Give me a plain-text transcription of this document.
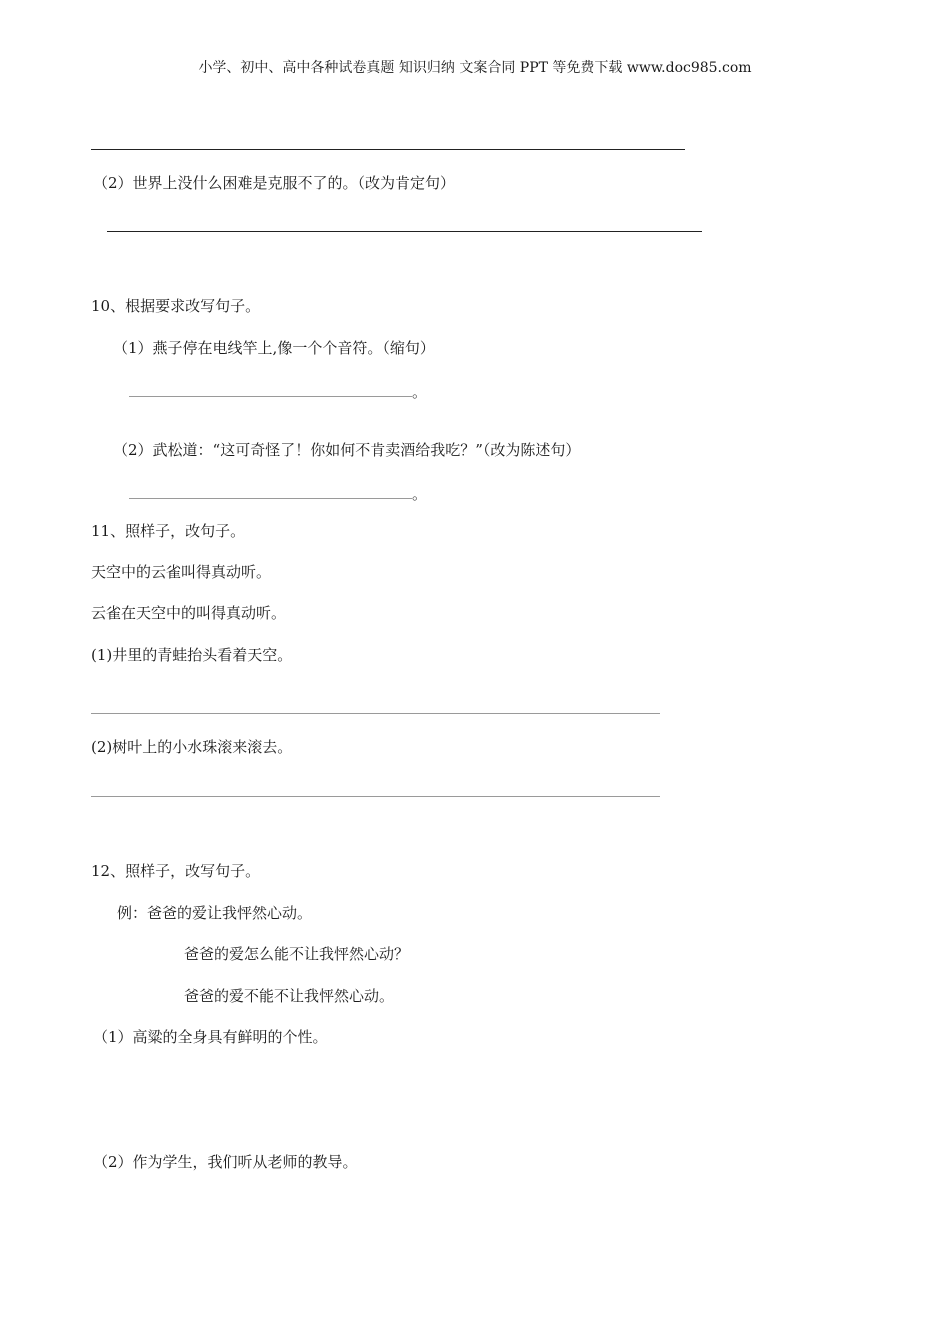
小学、初中、高中各种试卷真题 知识归纳 文案合同 PPT 等免费下载 www.doc985.com
（2）世界上没什么困难是克服不了的。（改为肯定句）
10、根据要求改写句子。
（1）燕子停在电线竿上,像一个个音符。（缩句）
。
（2）武松道：“这可奇怪了！你如何不肯卖酒给我吃？”（改为陈述句）
。
11、照样子，改句子。
天空中的云雀叫得真动听。
云雀在天空中的叫得真动听。
(1)井里的青蛙抬头看着天空。
(2)树叶上的小水珠滚来滚去。
12、照样子，改写句子。
例：爸爸的爱让我怦然心动。
爸爸的爱怎么能不让我怦然心动？
爸爸的爱不能不让我怦然心动。
（1）高粱的全身具有鲜明的个性。
（2）作为学生，我们听从老师的教导。
